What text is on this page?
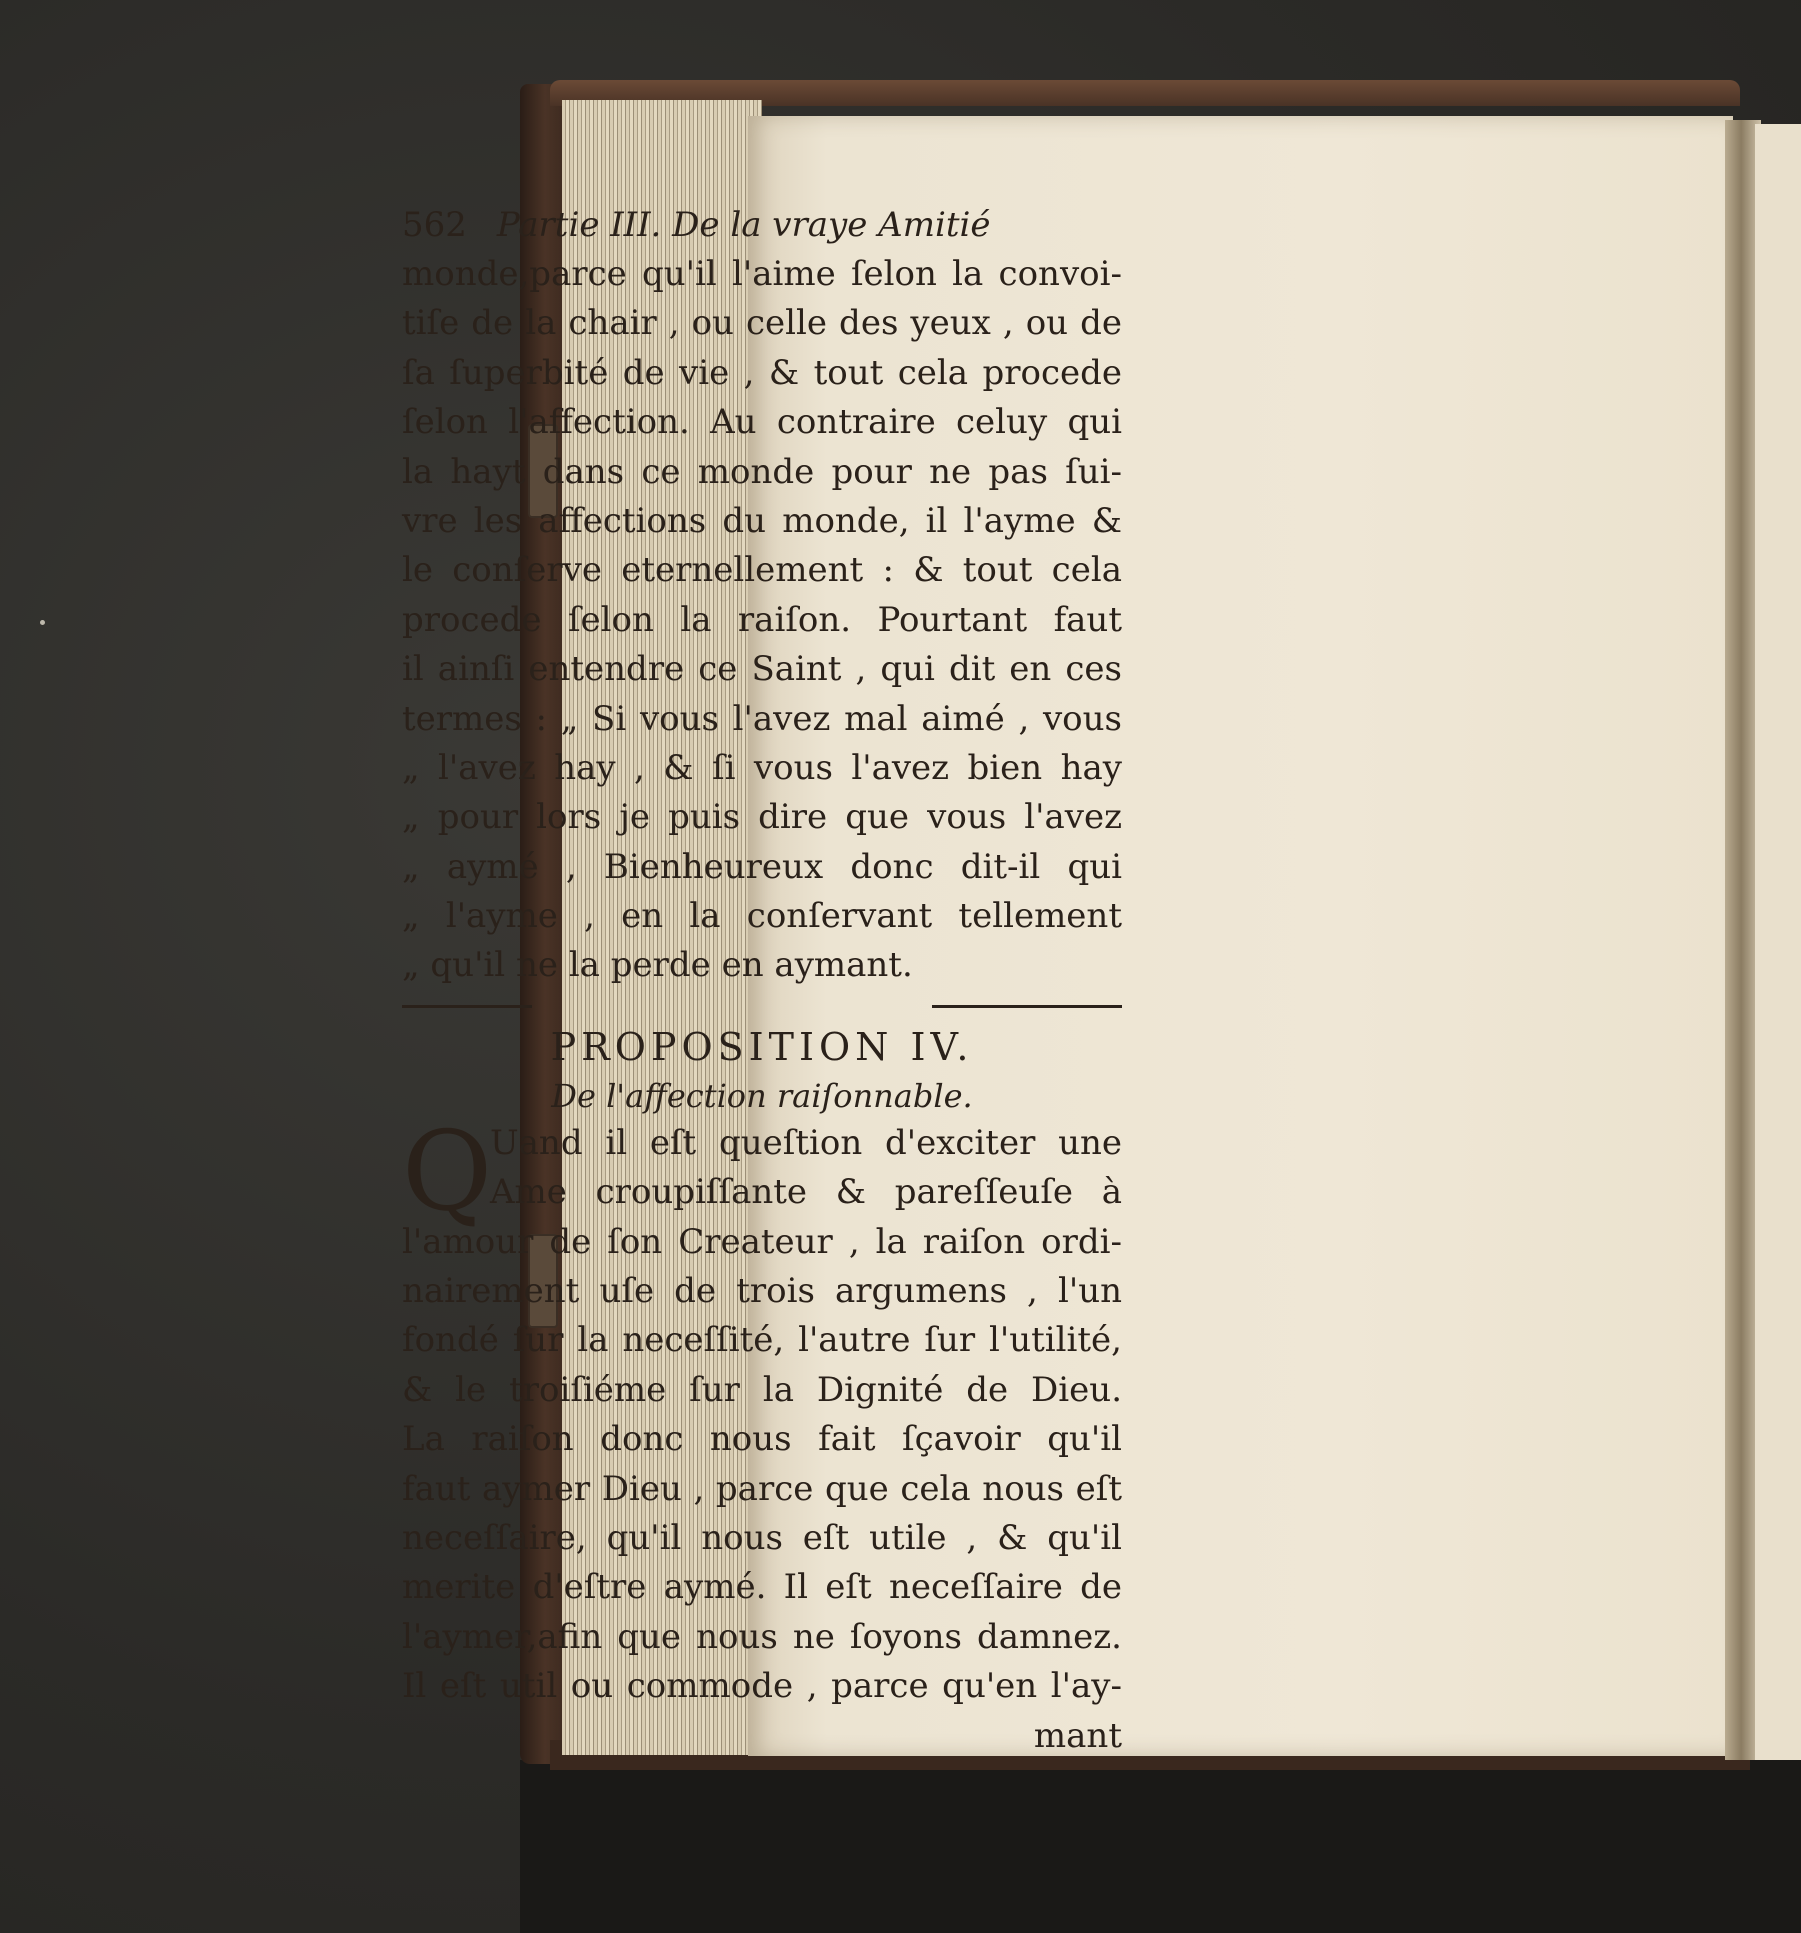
562 Partie III. De la vraye Amitié
monde,parce qu'il l'aime ſelon la convoi-
tiſe de la chair , ou celle des yeux , ou de
ſa ſuperbité de vie , & tout cela procede
ſelon l'affection. Au contraire celuy qui
la hayt dans ce monde pour ne pas ſui-
vre les affections du monde, il l'ayme &
le conſerve eternellement : & tout cela
procede ſelon la raiſon. Pourtant faut
il ainſi entendre ce Saint , qui dit en ces
termes : „ Si vous l'avez mal aimé , vous
„ l'avez hay , & ſi vous l'avez bien hay
„ pour lors je puis dire que vous l'avez
„ aymé , Bienheureux donc dit-il qui
„ l'ayme , en la conſervant tellement
„ qu'il ne la perde en aymant.
PROPOSITION IV.
De l'affection raiſonnable.
Q
Uand il eſt queſtion d'exciter une
Ame croupiſſante & pareſſeuſe à
l'amour de ſon Createur , la raiſon ordi-
nairement uſe de trois argumens , l'un
fondé ſur la neceſſité, l'autre ſur l'utilité,
& le troiſiéme ſur la Dignité de Dieu.
La raiſon donc nous fait ſçavoir qu'il
faut aymer Dieu , parce que cela nous eſt
neceſſaire, qu'il nous eſt utile , & qu'il
merite d'eſtre aymé. Il eſt neceſſaire de
l'aymer,afin que nous ne ſoyons damnez.
Il eſt util ou commode , parce qu'en l'ay-
mant
